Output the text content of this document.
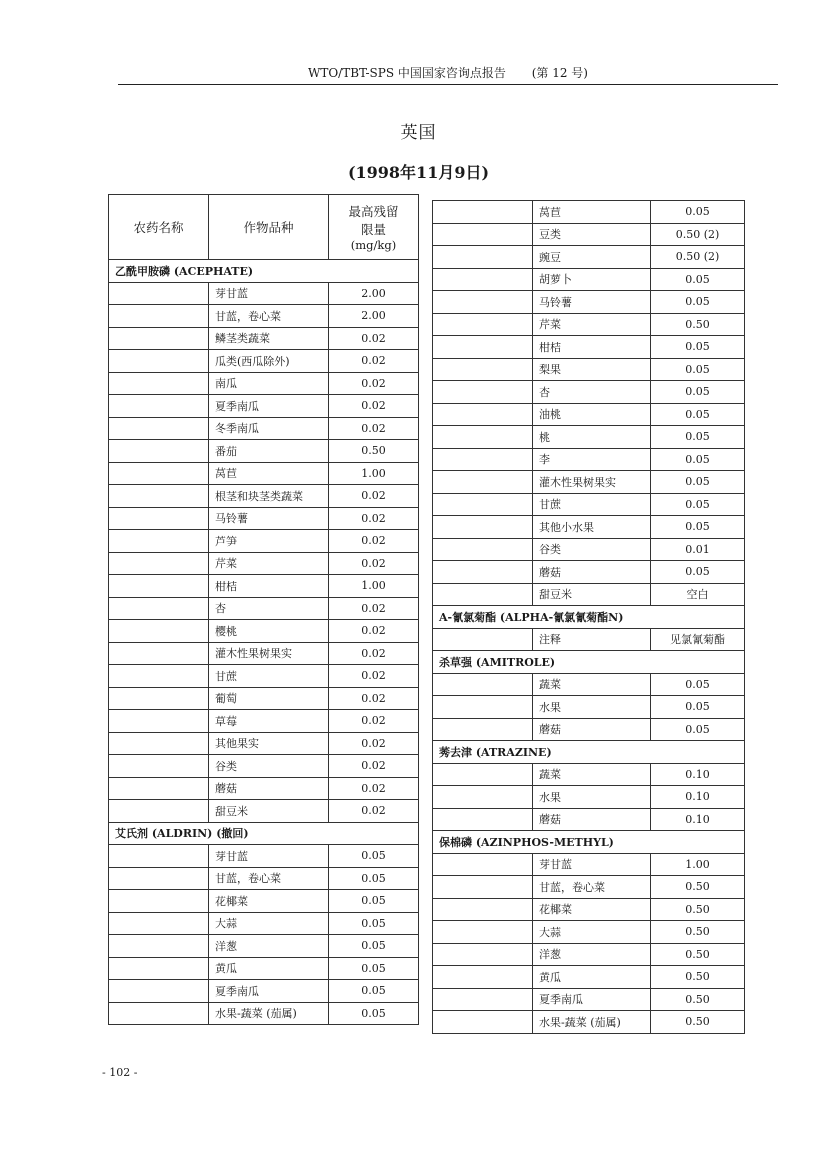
WTO/TBT-SPS 中国国家咨询点报告 (第 12 号)
英国
(1998年11月9日)
农药名称	作物品种	最高残留
限量
(mg/kg)

乙酰甲胺磷 (ACEPHATE)		
	芽甘蓝	2.00
	甘蓝，卷心菜	2.00
	鳞茎类蔬菜	0.02
	瓜类(西瓜除外)	0.02
	南瓜	0.02
	夏季南瓜	0.02
	冬季南瓜	0.02
	番茄	0.50
	莴苣	1.00
	根茎和块茎类蔬菜	0.02
	马铃薯	0.02
	芦笋	0.02
	芹菜	0.02
	柑桔	1.00
	杏	0.02
	樱桃	0.02
	灌木性果树果实	0.02
	甘蔗	0.02
	葡萄	0.02
	草莓	0.02
	其他果实	0.02
	谷类	0.02
	蘑菇	0.02
	甜豆米	0.02
艾氏剂 (ALDRIN) (撤回)		
	芽甘蓝	0.05
	甘蓝，卷心菜	0.05
	花椰菜	0.05
	大蒜	0.05
	洋葱	0.05
	黄瓜	0.05
	夏季南瓜	0.05
	水果-蔬菜 (茄属)	0.05
	莴苣	0.05
	豆类	0.50 (2)
	豌豆	0.50 (2)
	胡萝卜	0.05
	马铃薯	0.05
	芹菜	0.50
	柑桔	0.05
	梨果	0.05
	杏	0.05
	油桃	0.05
	桃	0.05
	李	0.05
	灌木性果树果实	0.05
	甘蔗	0.05
	其他小水果	0.05
	谷类	0.01
	蘑菇	0.05
	甜豆米	空白
A-氰氯菊酯 (ALPHA-氰氯氰菊酯N)		
	注释	见氯氰菊酯
杀草强 (AMITROLE)		
	蔬菜	0.05
	水果	0.05
	蘑菇	0.05
莠去津 (ATRAZINE)		
	蔬菜	0.10
	水果	0.10
	蘑菇	0.10
保棉磷 (AZINPHOS-METHYL)		
	芽甘蓝	1.00
	甘蓝，卷心菜	0.50
	花椰菜	0.50
	大蒜	0.50
	洋葱	0.50
	黄瓜	0.50
	夏季南瓜	0.50
	水果-蔬菜 (茄属)	0.50
- 102 -
